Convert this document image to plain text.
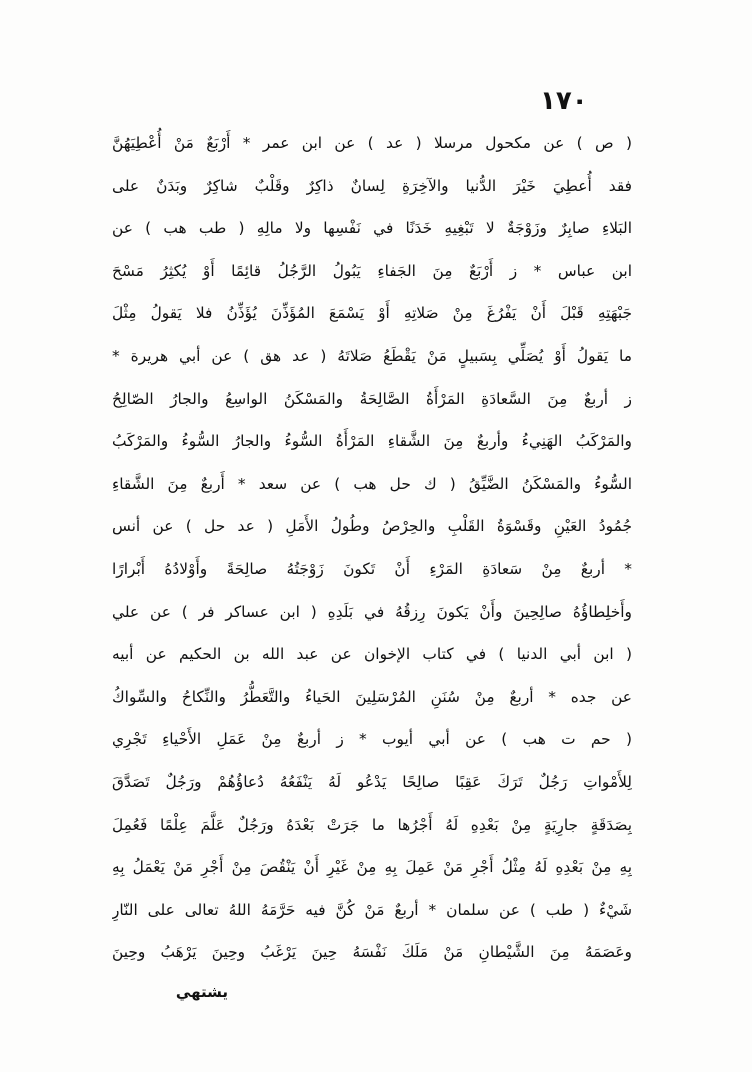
١٧٠
( ص ) عن مكحول مرسلا ( عد ) عن ابن عمر * أَرْبَعٌ مَنْ أُعْطِيَهُنَّ
فقد أُعطِيَ خَيْرَ الدُّنيا والآخِرَةِ لِسانٌ ذاكِرٌ وقَلْبٌ شاكِرٌ وبَدَنٌ على
البَلاءِ صابِرٌ وزَوْجَةٌ لا تَبْغِيهِ خَدَنًا في نَفْسِها ولا مالِهِ ( طب هب ) عن
ابن عباس * ز أَرْبَعٌ مِنَ الجَفاءِ يَبُولُ الرَّجُلُ قائِمًا أَوْ يُكثِرُ مَسْحَ
جَبْهَتِهِ قَبْلَ أَنْ يَفْرُغَ مِنْ صَلاتِهِ أَوْ يَسْمَعَ المُؤَذِّنَ يُؤَذِّنُ فلا يَقولُ مِثْلَ
ما يَقولُ أَوْ يُصَلِّي بِسَبيلٍ مَنْ يَقْطَعُ صَلاتَهُ ( عد هق ) عن أبي هريرة *
ز أربعٌ مِنَ السَّعادَةِ المَرْأَةُ الصَّالِحَةُ والمَسْكَنُ الواسِعُ والجارُ الصّالِحُ
والمَرْكَبُ الهَنِيءُ وأربعٌ مِنَ الشَّقاءِ المَرْأَةُ السُّوءُ والجارُ السُّوءُ والمَرْكَبُ
السُّوءُ والمَسْكَنُ الضَّيِّقُ ( ك حل هب ) عن سعد * أَربعٌ مِنَ الشَّقاءِ
جُمُودُ العَيْنِ وقَسْوَةُ القَلْبِ والحِرْصُ وطُولُ الأَمَلِ ( عد حل ) عن أنس
* أربعٌ مِنْ سَعادَةِ المَرْءِ أَنْ تَكونَ زَوْجَتُهُ صالِحَةً وأَوْلادُهُ أَبْرارًا
وأَخلِطاؤُهُ صالِحِينَ وأَنْ يَكونَ رِزقُهُ في بَلَدِهِ ( ابن عساكر فر ) عن علي
( ابن أبي الدنيا ) في كتاب الإخوان عن عبد الله بن الحكيم عن أبيه
عن جده * أربعٌ مِنْ سُنَنِ المُرْسَلِينَ الحَياءُ والتَّعَطُّرُ والنِّكاحُ والسِّواكُ
( حم ت هب ) عن أبي أيوب * ز أربعٌ مِنْ عَمَلِ الأَحْياءِ تَجْرِي
لِلأَمْواتِ رَجُلٌ تَرَكَ عَقِبًا صالِحًا يَدْعُو لَهُ يَنْفَعُهُ دُعاؤُهُمْ ورَجُلٌ تَصَدَّقَ
بِصَدَقَةٍ جارِيَةٍ مِنْ بَعْدِهِ لَهُ أَجْرُها ما جَرَتْ بَعْدَهُ ورَجُلٌ عَلَّمَ عِلْمًا فَعُمِلَ
بِهِ مِنْ بَعْدِهِ لَهُ مِثْلُ أَجْرِ مَنْ عَمِلَ بِهِ مِنْ غَيْرِ أَنْ يَنْقُصَ مِنْ أَجْرِ مَنْ يَعْمَلُ بِهِ
شَيْءٌ ( طب ) عن سلمان * أربعٌ مَنْ كُنَّ فيه حَرَّمَهُ اللهُ تعالى على النّارِ
وعَصَمَهُ مِنَ الشَّيْطانِ مَنْ مَلَكَ نَفْسَهُ حِينَ يَرْغَبُ وحِينَ يَرْهَبُ وحِينَ
يشتهي
